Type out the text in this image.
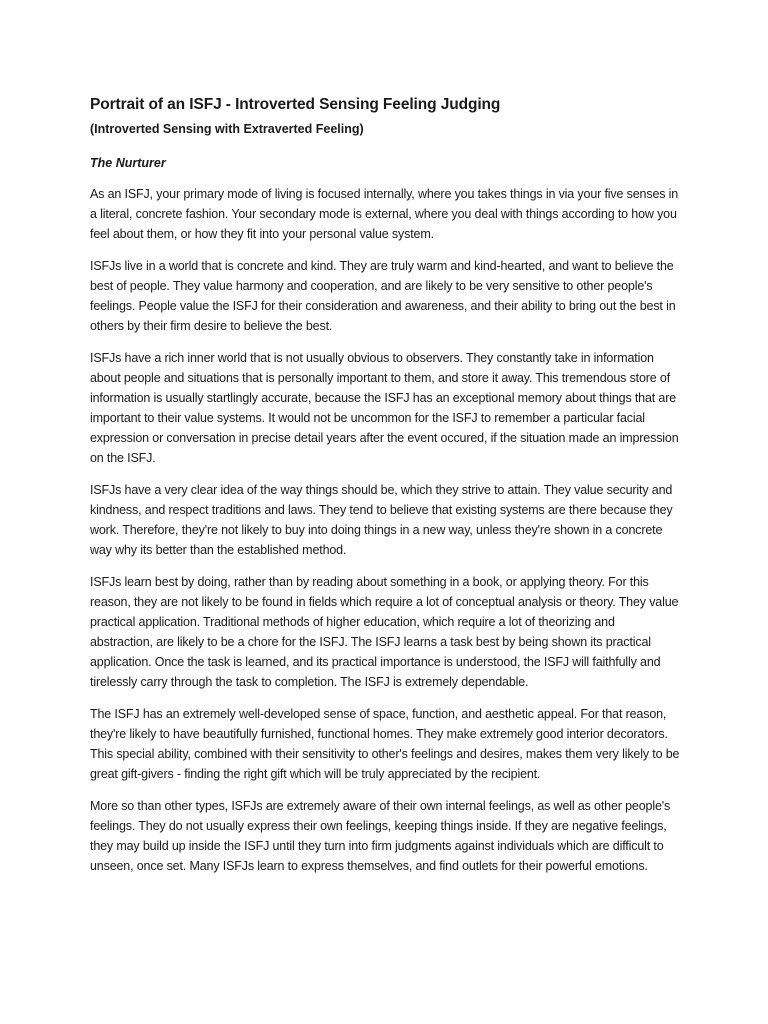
Portrait of an ISFJ - Introverted Sensing Feeling Judging
(Introverted Sensing with Extraverted Feeling)
The Nurturer

As an ISFJ, your primary mode of living is focused internally, where you takes things in via your five senses in a literal, concrete fashion. Your secondary mode is external, where you deal with things according to how you feel about them, or how they fit into your personal value system.

ISFJs live in a world that is concrete and kind. They are truly warm and kind-hearted, and want to believe the best of people. They value harmony and cooperation, and are likely to be very sensitive to other people's feelings. People value the ISFJ for their consideration and awareness, and their ability to bring out the best in others by their firm desire to believe the best.

ISFJs have a rich inner world that is not usually obvious to observers. They constantly take in information about people and situations that is personally important to them, and store it away. This tremendous store of information is usually startlingly accurate, because the ISFJ has an exceptional memory about things that are important to their value systems. It would not be uncommon for the ISFJ to remember a particular facial expression or conversation in precise detail years after the event occured, if the situation made an impression on the ISFJ.

ISFJs have a very clear idea of the way things should be, which they strive to attain. They value security and kindness, and respect traditions and laws. They tend to believe that existing systems are there because they work. Therefore, they're not likely to buy into doing things in a new way, unless they're shown in a concrete way why its better than the established method.

ISFJs learn best by doing, rather than by reading about something in a book, or applying theory. For this reason, they are not likely to be found in fields which require a lot of conceptual analysis or theory. They value practical application. Traditional methods of higher education, which require a lot of theorizing and abstraction, are likely to be a chore for the ISFJ. The ISFJ learns a task best by being shown its practical application. Once the task is learned, and its practical importance is understood, the ISFJ will faithfully and tirelessly carry through the task to completion. The ISFJ is extremely dependable.

The ISFJ has an extremely well-developed sense of space, function, and aesthetic appeal. For that reason, they're likely to have beautifully furnished, functional homes. They make extremely good interior decorators. This special ability, combined with their sensitivity to other's feelings and desires, makes them very likely to be great gift-givers - finding the right gift which will be truly appreciated by the recipient.

More so than other types, ISFJs are extremely aware of their own internal feelings, as well as other people's feelings. They do not usually express their own feelings, keeping things inside. If they are negative feelings, they may build up inside the ISFJ until they turn into firm judgments against individuals which are difficult to unseen, once set. Many ISFJs learn to express themselves, and find outlets for their powerful emotions.
